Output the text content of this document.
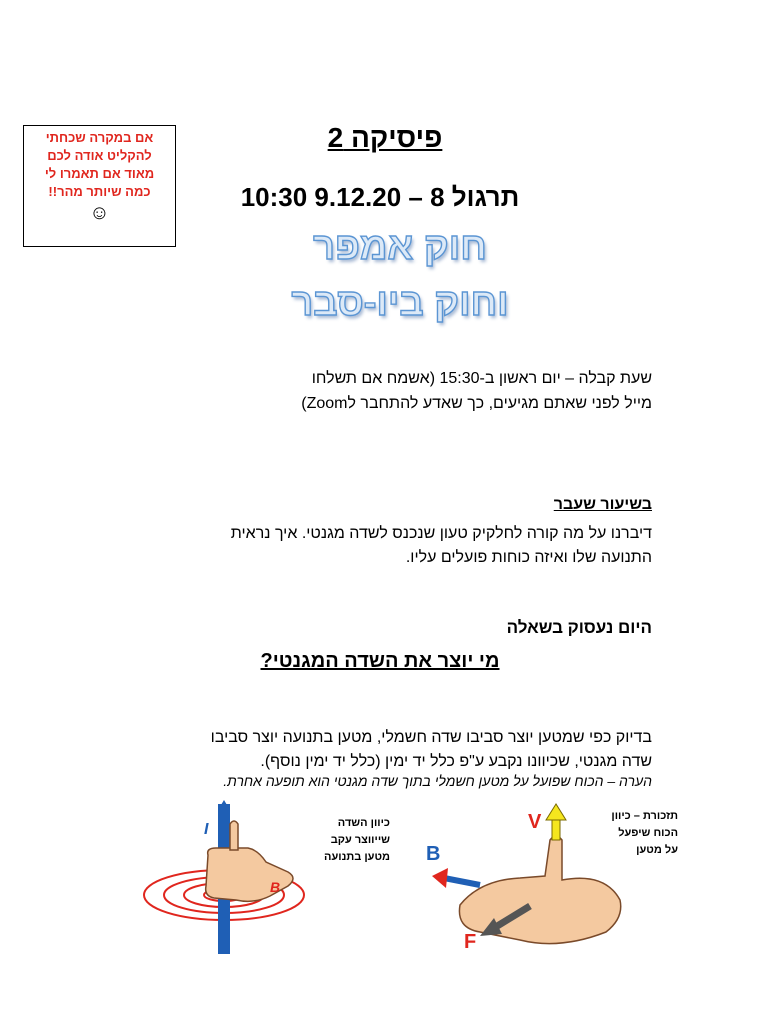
אם במקרה שכחתי
להקליט אודה לכם
מאוד אם תאמרו לי
כמה שיותר מהר!!
☺
פיסיקה 2
תרגול 8 – 9.12.20 10:30
חוק אמפר
וחוק ביו-סבר
שעת קבלה – יום ראשון ב-15:30 (אשמח אם תשלחו
מייל לפני שאתם מגיעים, כך שאדע להתחבר לZoom)
בשיעור שעבר
דיברנו על מה קורה לחלקיק טעון שנכנס לשדה מגנטי. איך נראית
התנועה שלו ואיזה כוחות פועלים עליו.
היום נעסוק בשאלה
מי יוצר את השדה המגנטי?
בדיוק כפי שמטען יוצר סביבו שדה חשמלי, מטען בתנועה יוצר סביבו
שדה מגנטי, שכיוונו נקבע ע"פ כלל יד ימין (כלל יד ימין נוסף).
הערה – הכוח שפועל על מטען חשמלי בתוך שדה מגנטי הוא תופעה אחרת.
I
B
כיוון השדה
שייווצר עקב
מטען בתנועה
V
B
F
תזכורת – כיוון
הכוח שיפעל
על מטען
